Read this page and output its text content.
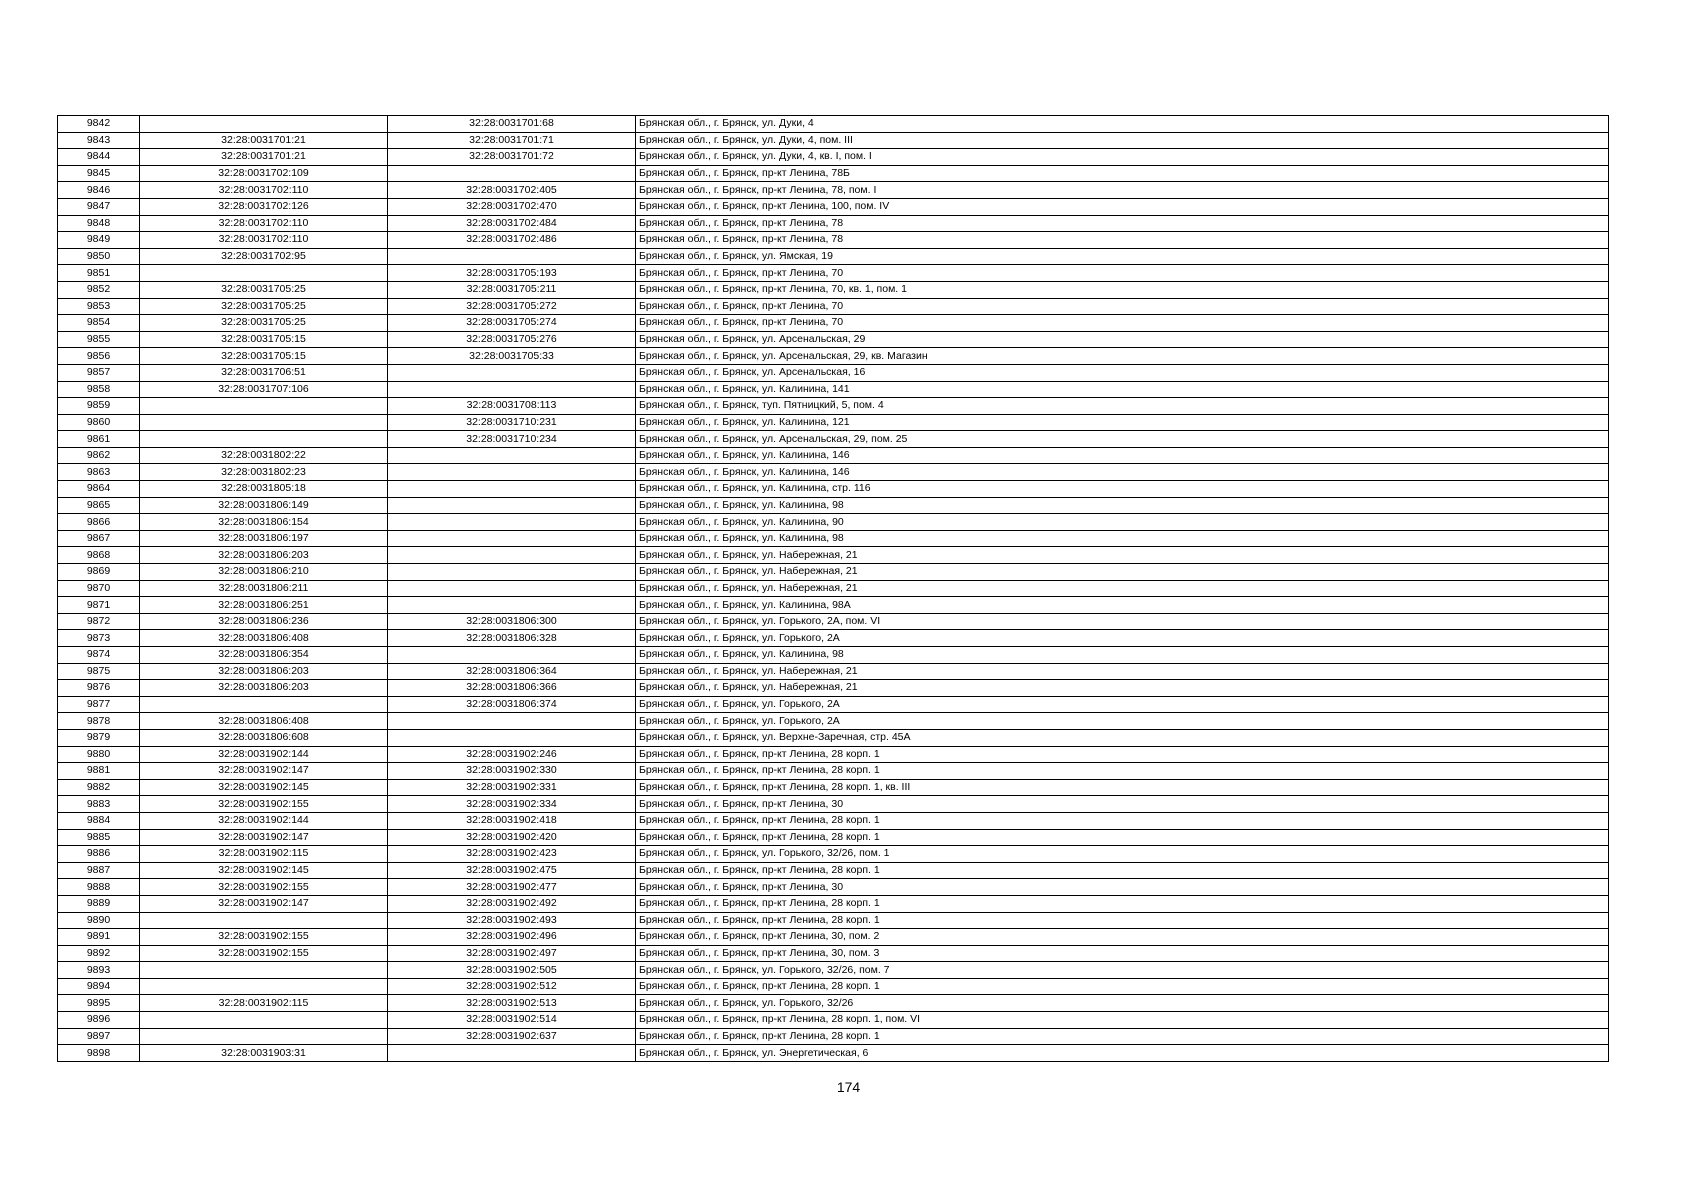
9842		32:28:0031701:68	Брянская обл., г. Брянск, ул. Дуки, 4
9843	32:28:0031701:21	32:28:0031701:71	Брянская обл., г. Брянск, ул. Дуки, 4, пом. III
9844	32:28:0031701:21	32:28:0031701:72	Брянская обл., г. Брянск, ул. Дуки, 4, кв. I, пом. I
9845	32:28:0031702:109		Брянская обл., г. Брянск, пр-кт Ленина, 78Б
9846	32:28:0031702:110	32:28:0031702:405	Брянская обл., г. Брянск, пр-кт Ленина, 78, пом. I
9847	32:28:0031702:126	32:28:0031702:470	Брянская обл., г. Брянск, пр-кт Ленина, 100, пом. IV
9848	32:28:0031702:110	32:28:0031702:484	Брянская обл., г. Брянск, пр-кт Ленина, 78
9849	32:28:0031702:110	32:28:0031702:486	Брянская обл., г. Брянск, пр-кт Ленина, 78
9850	32:28:0031702:95		Брянская обл., г. Брянск, ул. Ямская, 19
9851		32:28:0031705:193	Брянская обл., г. Брянск, пр-кт Ленина, 70
9852	32:28:0031705:25	32:28:0031705:211	Брянская обл., г. Брянск, пр-кт Ленина, 70, кв. 1, пом. 1
9853	32:28:0031705:25	32:28:0031705:272	Брянская обл., г. Брянск, пр-кт Ленина, 70
9854	32:28:0031705:25	32:28:0031705:274	Брянская обл., г. Брянск, пр-кт Ленина, 70
9855	32:28:0031705:15	32:28:0031705:276	Брянская обл., г. Брянск, ул. Арсенальская, 29
9856	32:28:0031705:15	32:28:0031705:33	Брянская обл., г. Брянск, ул. Арсенальская, 29, кв. Магазин
9857	32:28:0031706:51		Брянская обл., г. Брянск, ул. Арсенальская, 16
9858	32:28:0031707:106		Брянская обл., г. Брянск, ул. Калинина, 141
9859		32:28:0031708:113	Брянская обл., г. Брянск, туп. Пятницкий, 5, пом. 4
9860		32:28:0031710:231	Брянская обл., г. Брянск, ул. Калинина, 121
9861		32:28:0031710:234	Брянская обл., г. Брянск, ул. Арсенальская, 29, пом. 25
9862	32:28:0031802:22		Брянская обл., г. Брянск, ул. Калинина, 146
9863	32:28:0031802:23		Брянская обл., г. Брянск, ул. Калинина, 146
9864	32:28:0031805:18		Брянская обл., г. Брянск, ул. Калинина, стр. 116
9865	32:28:0031806:149		Брянская обл., г. Брянск, ул. Калинина, 98
9866	32:28:0031806:154		Брянская обл., г. Брянск, ул. Калинина, 90
9867	32:28:0031806:197		Брянская обл., г. Брянск, ул. Калинина, 98
9868	32:28:0031806:203		Брянская обл., г. Брянск, ул. Набережная, 21
9869	32:28:0031806:210		Брянская обл., г. Брянск, ул. Набережная, 21
9870	32:28:0031806:211		Брянская обл., г. Брянск, ул. Набережная, 21
9871	32:28:0031806:251		Брянская обл., г. Брянск, ул. Калинина, 98А
9872	32:28:0031806:236	32:28:0031806:300	Брянская обл., г. Брянск, ул. Горького, 2А, пом. VI
9873	32:28:0031806:408	32:28:0031806:328	Брянская обл., г. Брянск, ул. Горького, 2А
9874	32:28:0031806:354		Брянская обл., г. Брянск, ул. Калинина, 98
9875	32:28:0031806:203	32:28:0031806:364	Брянская обл., г. Брянск, ул. Набережная, 21
9876	32:28:0031806:203	32:28:0031806:366	Брянская обл., г. Брянск, ул. Набережная, 21
9877		32:28:0031806:374	Брянская обл., г. Брянск, ул. Горького, 2А
9878	32:28:0031806:408		Брянская обл., г. Брянск, ул. Горького, 2А
9879	32:28:0031806:608		Брянская обл., г. Брянск, ул. Верхне-Заречная, стр. 45А
9880	32:28:0031902:144	32:28:0031902:246	Брянская обл., г. Брянск, пр-кт Ленина, 28 корп. 1
9881	32:28:0031902:147	32:28:0031902:330	Брянская обл., г. Брянск, пр-кт Ленина, 28 корп. 1
9882	32:28:0031902:145	32:28:0031902:331	Брянская обл., г. Брянск, пр-кт Ленина, 28 корп. 1, кв. III
9883	32:28:0031902:155	32:28:0031902:334	Брянская обл., г. Брянск, пр-кт Ленина, 30
9884	32:28:0031902:144	32:28:0031902:418	Брянская обл., г. Брянск, пр-кт Ленина, 28 корп. 1
9885	32:28:0031902:147	32:28:0031902:420	Брянская обл., г. Брянск, пр-кт Ленина, 28 корп. 1
9886	32:28:0031902:115	32:28:0031902:423	Брянская обл., г. Брянск, ул. Горького, 32/26, пом. 1
9887	32:28:0031902:145	32:28:0031902:475	Брянская обл., г. Брянск, пр-кт Ленина, 28 корп. 1
9888	32:28:0031902:155	32:28:0031902:477	Брянская обл., г. Брянск, пр-кт Ленина, 30
9889	32:28:0031902:147	32:28:0031902:492	Брянская обл., г. Брянск, пр-кт Ленина, 28 корп. 1
9890		32:28:0031902:493	Брянская обл., г. Брянск, пр-кт Ленина, 28 корп. 1
9891	32:28:0031902:155	32:28:0031902:496	Брянская обл., г. Брянск, пр-кт Ленина, 30, пом. 2
9892	32:28:0031902:155	32:28:0031902:497	Брянская обл., г. Брянск, пр-кт Ленина, 30, пом. 3
9893		32:28:0031902:505	Брянская обл., г. Брянск, ул. Горького, 32/26, пом. 7
9894		32:28:0031902:512	Брянская обл., г. Брянск, пр-кт Ленина, 28 корп. 1
9895	32:28:0031902:115	32:28:0031902:513	Брянская обл., г. Брянск, ул. Горького, 32/26
9896		32:28:0031902:514	Брянская обл., г. Брянск, пр-кт Ленина, 28 корп. 1, пом. VI
9897		32:28:0031902:637	Брянская обл., г. Брянск, пр-кт Ленина, 28 корп. 1
9898	32:28:0031903:31		Брянская обл., г. Брянск, ул. Энергетическая, 6
174
